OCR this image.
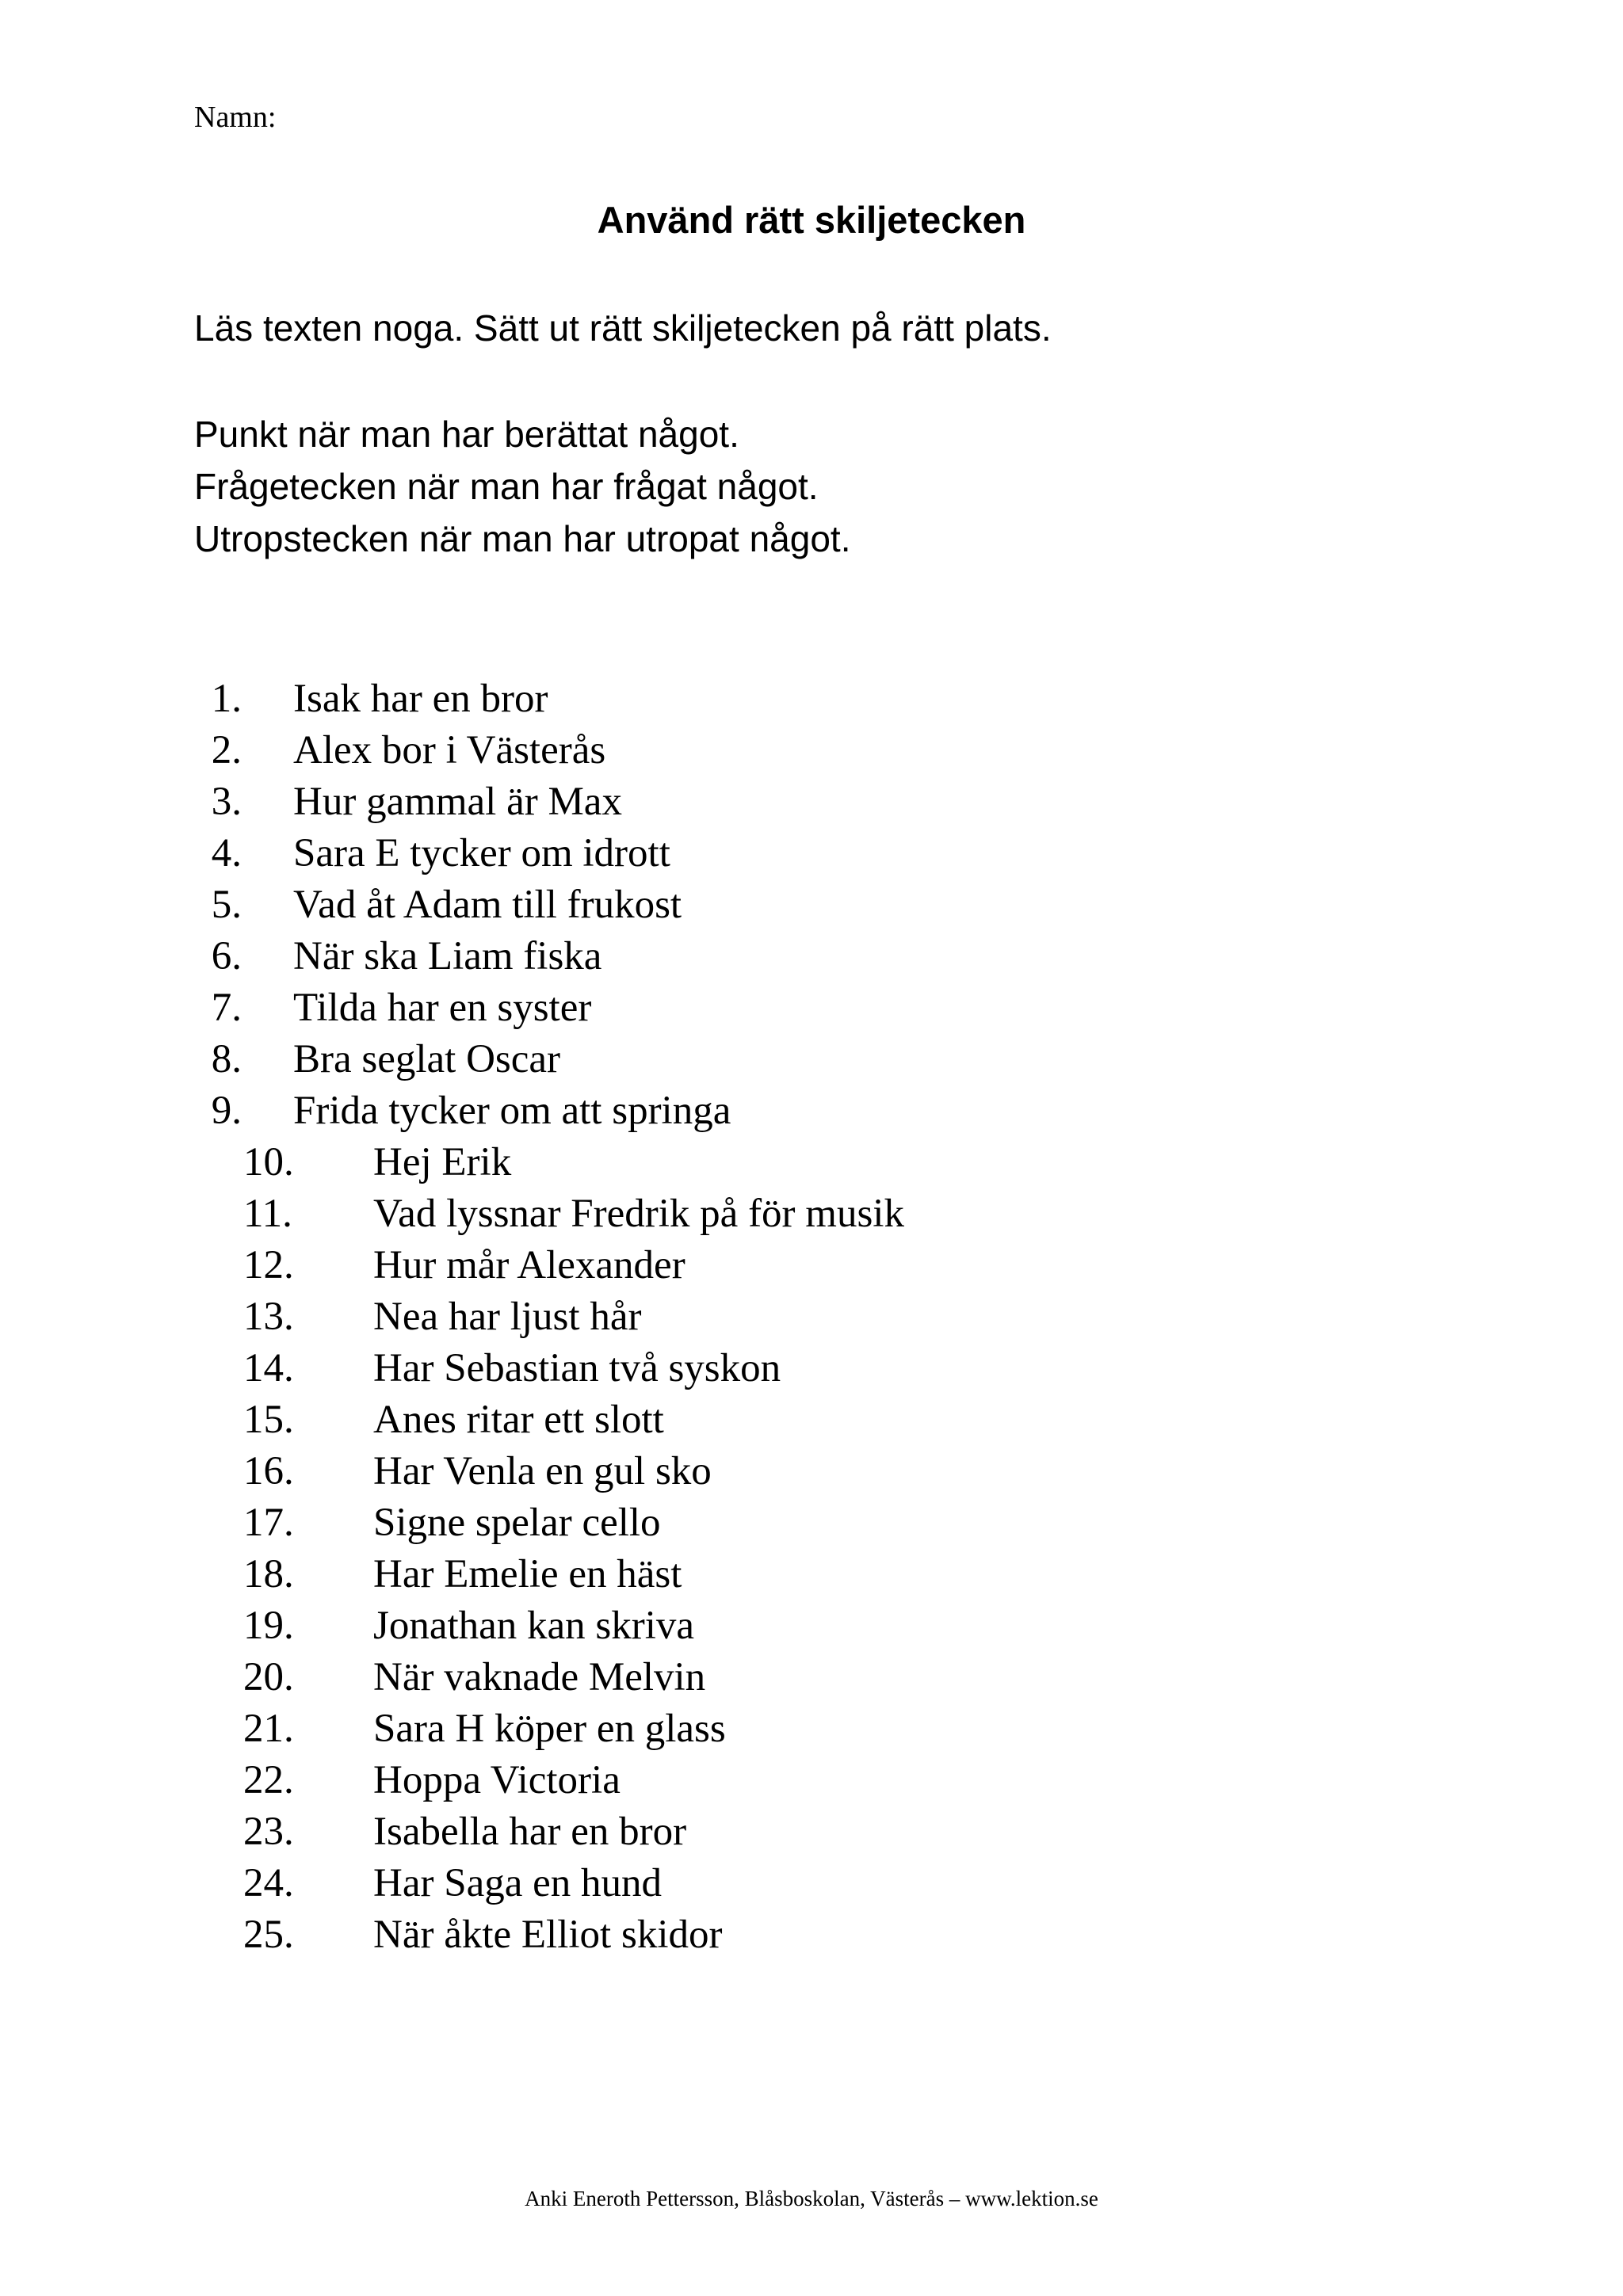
Namn:
Använd rätt skiljetecken
Läs texten noga. Sätt ut rätt skiljetecken på rätt plats.
Punkt när man har berättat något.
Frågetecken när man har frågat något.
Utropstecken när man har utropat något.
1. Isak har en bror
2. Alex bor i Västerås
3. Hur gammal är Max
4. Sara E tycker om idrott
5. Vad åt Adam till frukost
6. När ska Liam fiska
7. Tilda har en syster
8. Bra seglat Oscar
9. Frida tycker om att springa
10.	Hej Erik
11.	Vad lyssnar Fredrik på för musik
12.	Hur mår Alexander
13.	Nea har ljust hår
14.	Har Sebastian två syskon
15.	Anes ritar ett slott
16.	Har Venla en gul sko
17.	Signe spelar cello
18.	Har Emelie en häst
19.	Jonathan kan skriva
20.	När vaknade Melvin
21.	Sara H köper en glass
22.	Hoppa Victoria
23.	Isabella har en bror
24.	Har Saga en hund
25.	När åkte Elliot skidor
Anki Eneroth Pettersson, Blåsboskolan, Västerås – www.lektion.se
